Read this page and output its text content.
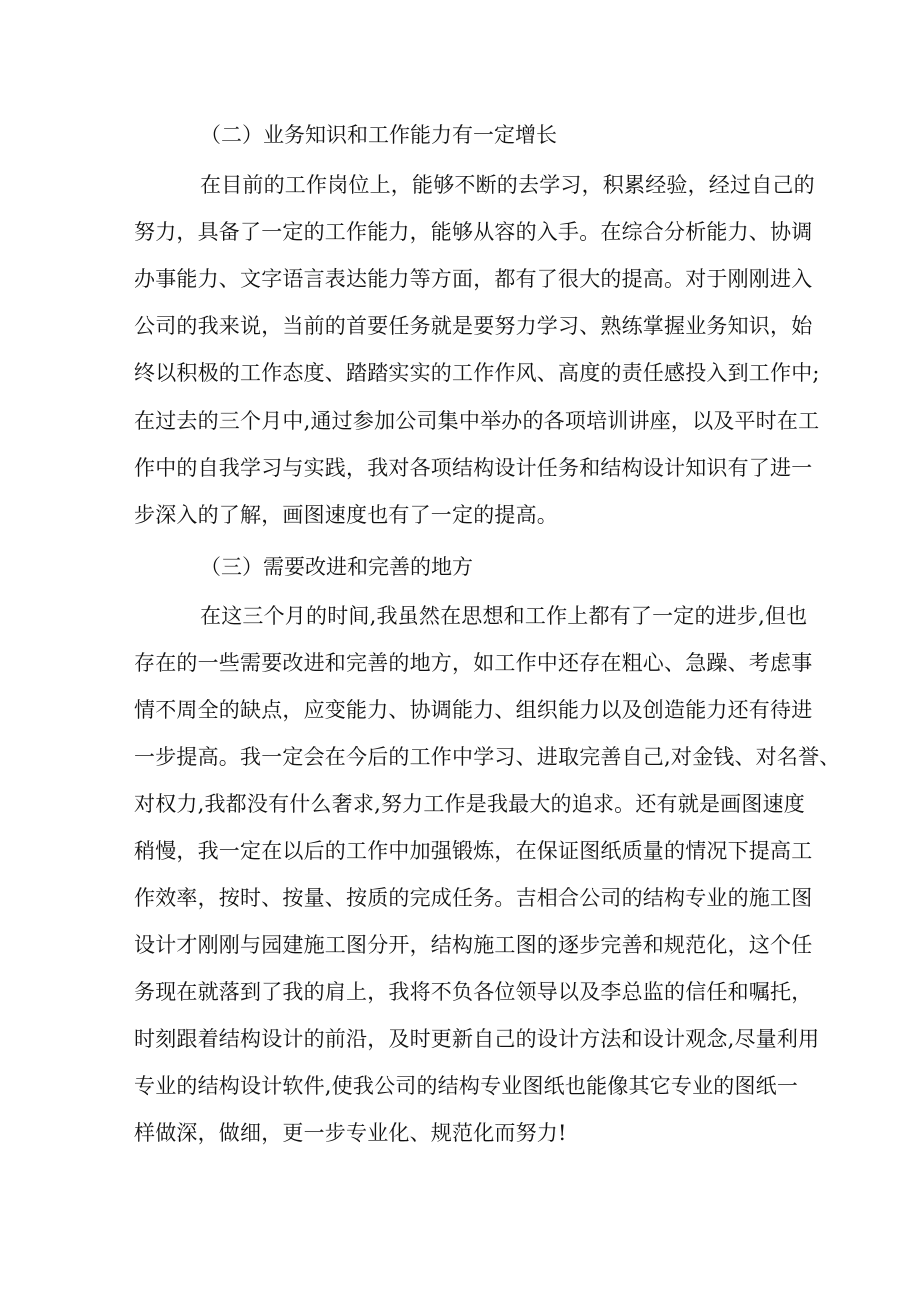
（二）业务知识和工作能力有一定增长
在目前的工作岗位上，能够不断的去学习，积累经验，经过自己的
努力，具备了一定的工作能力，能够从容的入手。在综合分析能力、协调
办事能力、文字语言表达能力等方面，都有了很大的提高。对于刚刚进入
公司的我来说，当前的首要任务就是要努力学习、熟练掌握业务知识，始
终以积极的工作态度、踏踏实实的工作作风、高度的责任感投入到工作中;
在过去的三个月中,通过参加公司集中举办的各项培训讲座，以及平时在工
作中的自我学习与实践，我对各项结构设计任务和结构设计知识有了进一
步深入的了解，画图速度也有了一定的提高。
（三）需要改进和完善的地方
在这三个月的时间,我虽然在思想和工作上都有了一定的进步,但也
存在的一些需要改进和完善的地方，如工作中还存在粗心、急躁、考虑事
情不周全的缺点，应变能力、协调能力、组织能力以及创造能力还有待进
一步提高。我一定会在今后的工作中学习、进取完善自己,对金钱、对名誉、
对权力,我都没有什么奢求,努力工作是我最大的追求。还有就是画图速度
稍慢，我一定在以后的工作中加强锻炼，在保证图纸质量的情况下提高工
作效率，按时、按量、按质的完成任务。吉相合公司的结构专业的施工图
设计才刚刚与园建施工图分开，结构施工图的逐步完善和规范化，这个任
务现在就落到了我的肩上，我将不负各位领导以及李总监的信任和嘱托，
时刻跟着结构设计的前沿，及时更新自己的设计方法和设计观念,尽量利用
专业的结构设计软件,使我公司的结构专业图纸也能像其它专业的图纸一
样做深，做细，更一步专业化、规范化而努力!
